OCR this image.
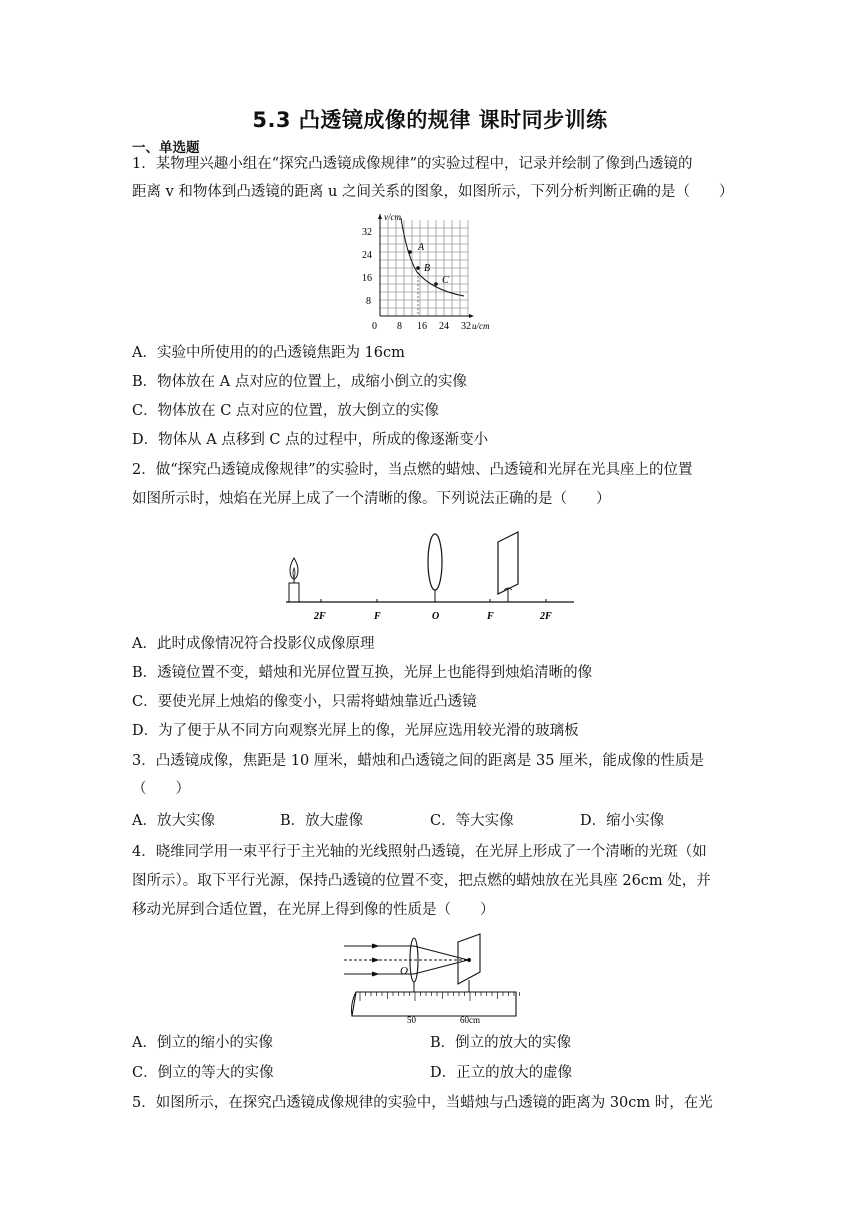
5.3 凸透镜成像的规律 课时同步训练
一、单选题
1．某物理兴趣小组在“探究凸透镜成像规律”的实验过程中，记录并绘制了像到凸透镜的
距离 v 和物体到凸透镜的距离 u 之间关系的图象，如图所示，下列分析判断正确的是（　　）
A
B
C
v/cm
32
24
16
8
0 8 16 24 32 u/cm
A．实验中所使用的的凸透镜焦距为 16cm
B．物体放在 A 点对应的位置上，成缩小倒立的实像
C．物体放在 C 点对应的位置，放大倒立的实像
D．物体从 A 点移到 C 点的过程中，所成的像逐渐变小
2．做“探究凸透镜成像规律”的实验时，当点燃的蜡烛、凸透镜和光屏在光具座上的位置
如图所示时，烛焰在光屏上成了一个清晰的像。下列说法正确的是（　　）
2F	F	O	F	2F
A．此时成像情况符合投影仪成像原理
B．透镜位置不变，蜡烛和光屏位置互换，光屏上也能得到烛焰清晰的像
C．要使光屏上烛焰的像变小，只需将蜡烛靠近凸透镜
D．为了便于从不同方向观察光屏上的像，光屏应选用较光滑的玻璃板
3．凸透镜成像，焦距是 10 厘米，蜡烛和凸透镜之间的距离是 35 厘米，能成像的性质是
（　　）
A．放大实像	B．放大虚像	C．等大实像	D．缩小实像
4．晓维同学用一束平行于主光轴的光线照射凸透镜，在光屏上形成了一个清晰的光斑（如
图所示）。取下平行光源，保持凸透镜的位置不变，把点燃的蜡烛放在光具座 26cm 处，并
移动光屏到合适位置，在光屏上得到像的性质是（　　）
O
50	60cm
A．倒立的缩小的实像	B．倒立的放大的实像
C．倒立的等大的实像	D．正立的放大的虚像
5．如图所示，在探究凸透镜成像规律的实验中，当蜡烛与凸透镜的距离为 30cm 时，在光
